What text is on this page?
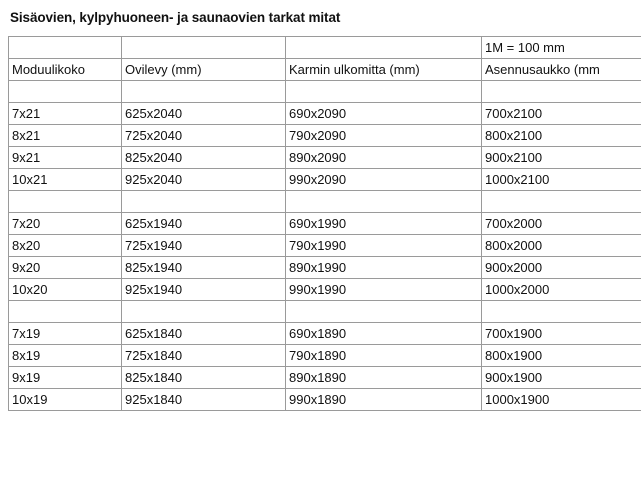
Sisäovien, kylpyhuoneen- ja saunaovien tarkat mitat
			1M = 100 mm
Moduulikoko	Ovilevy (mm)	Karmin ulkomitta (mm)	Asennusaukko (mm

7x21	625x2040	690x2090	700x2100
8x21	725x2040	790x2090	800x2100
9x21	825x2040	890x2090	900x2100
10x21	925x2040	990x2090	1000x2100

7x20	625x1940	690x1990	700x2000
8x20	725x1940	790x1990	800x2000
9x20	825x1940	890x1990	900x2000
10x20	925x1940	990x1990	1000x2000

7x19	625x1840	690x1890	700x1900
8x19	725x1840	790x1890	800x1900
9x19	825x1840	890x1890	900x1900
10x19	925x1840	990x1890	1000x1900
